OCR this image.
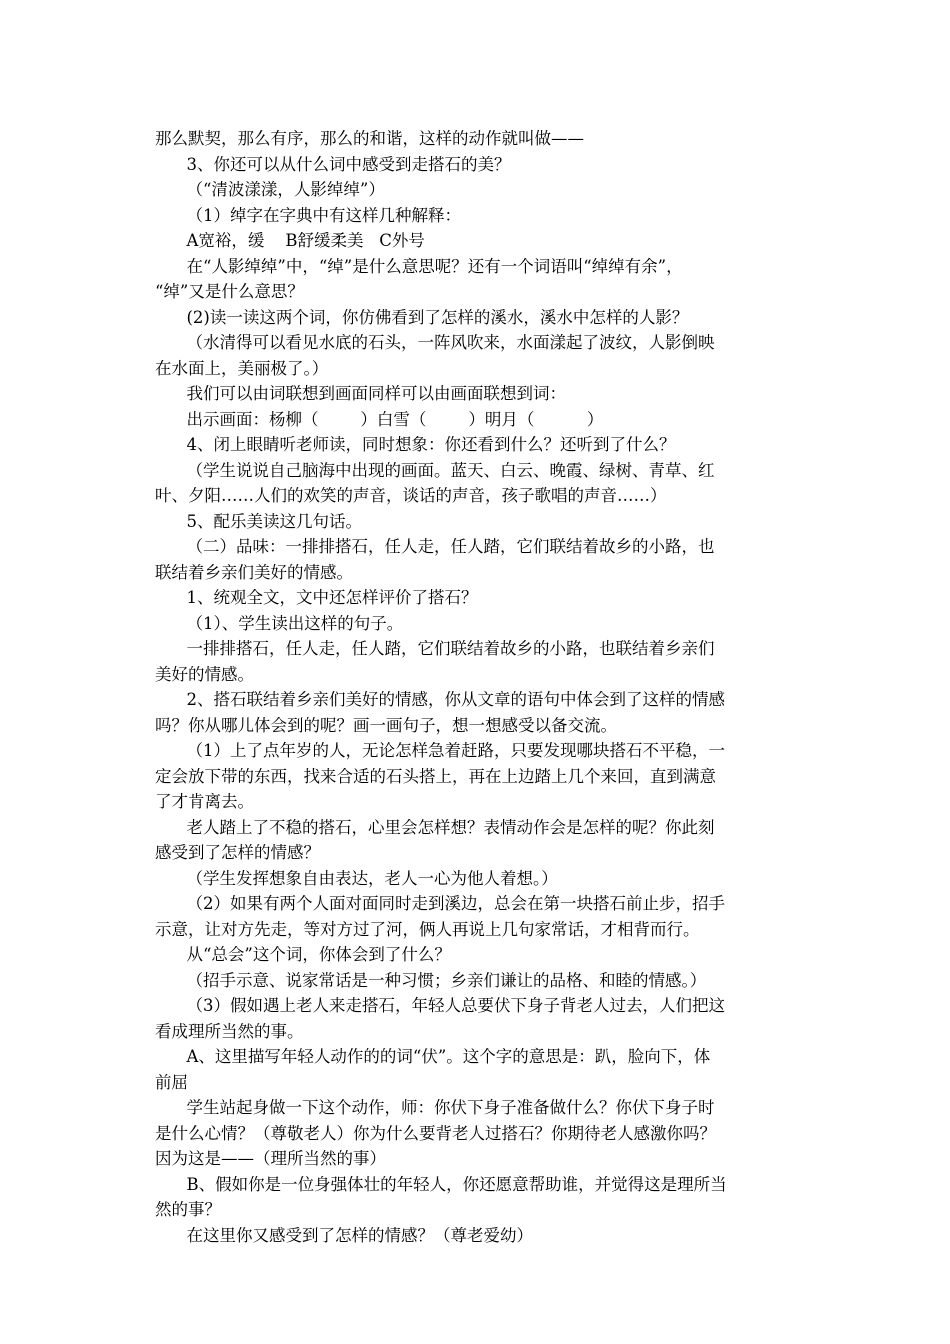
那么默契，那么有序，那么的和谐，这样的动作就叫做——
3、你还可以从什么词中感受到走搭石的美？
（“清波漾漾，人影绰绰”）
（1）绰字在字典中有这样几种解释：
A宽裕，缓    B舒缓柔美   C外号
在“人影绰绰”中，“绰”是什么意思呢？还有一个词语叫“绰绰有余”，
“绰”又是什么意思？
(2)读一读这两个词，你仿佛看到了怎样的溪水，溪水中怎样的人影？
（水清得可以看见水底的石头，一阵风吹来，水面漾起了波纹，人影倒映
在水面上，美丽极了。）
我们可以由词联想到画面同样可以由画面联想到词：
出示画面：杨柳（        ）白雪（        ）明月（          ）
4、闭上眼睛听老师读，同时想象：你还看到什么？还听到了什么？
（学生说说自己脑海中出现的画面。蓝天、白云、晚霞、绿树、青草、红
叶、夕阳……人们的欢笑的声音，谈话的声音，孩子歌唱的声音……）
5、配乐美读这几句话。
（二）品味：一排排搭石，任人走，任人踏，它们联结着故乡的小路，也
联结着乡亲们美好的情感。
1、统观全文，文中还怎样评价了搭石？
（1）、学生读出这样的句子。
一排排搭石，任人走，任人踏，它们联结着故乡的小路，也联结着乡亲们
美好的情感。
2、搭石联结着乡亲们美好的情感，你从文章的语句中体会到了这样的情感
吗？你从哪儿体会到的呢？画一画句子，想一想感受以备交流。
（1）上了点年岁的人，无论怎样急着赶路，只要发现哪块搭石不平稳，一
定会放下带的东西，找来合适的石头搭上，再在上边踏上几个来回，直到满意
了才肯离去。
老人踏上了不稳的搭石，心里会怎样想？表情动作会是怎样的呢？你此刻
感受到了怎样的情感？
（学生发挥想象自由表达，老人一心为他人着想。）
（2）如果有两个人面对面同时走到溪边，总会在第一块搭石前止步，招手
示意，让对方先走，等对方过了河，俩人再说上几句家常话，才相背而行。
从“总会”这个词，你体会到了什么？
（招手示意、说家常话是一种习惯；乡亲们谦让的品格、和睦的情感。）
（3）假如遇上老人来走搭石，年轻人总要伏下身子背老人过去，人们把这
看成理所当然的事。
A、这里描写年轻人动作的的词“伏”。这个字的意思是：趴，脸向下，体
前屈
学生站起身做一下这个动作，师：你伏下身子准备做什么？你伏下身子时
是什么心情？（尊敬老人）你为什么要背老人过搭石？你期待老人感激你吗？
因为这是——（理所当然的事）
B、假如你是一位身强体壮的年轻人，你还愿意帮助谁，并觉得这是理所当
然的事？
在这里你又感受到了怎样的情感？（尊老爱幼）
